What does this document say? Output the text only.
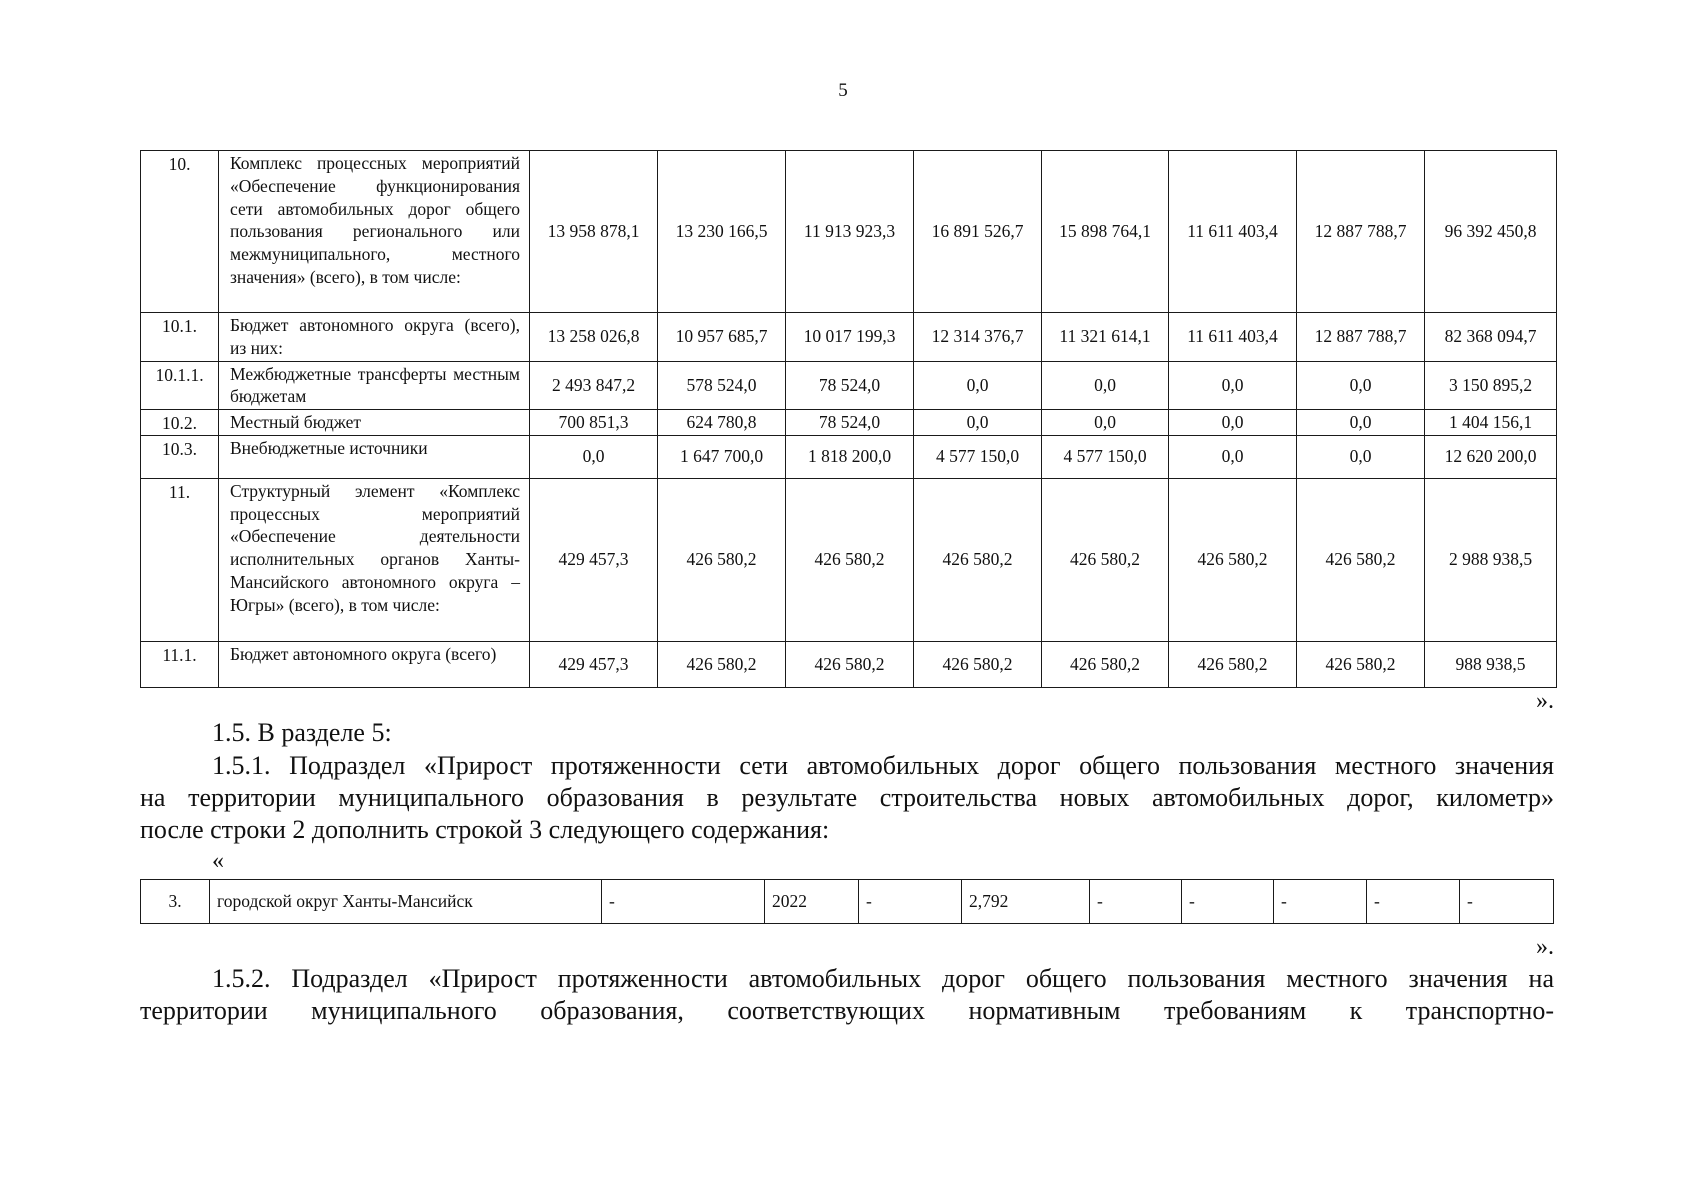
5
10.	Комплекс процессных мероприятий «Обеспечение функционирования сети автомобильных дорог общего пользования регионального или межмуниципального, местного значения» (всего), в том числе:	13 958 878,1	13 230 166,5	11 913 923,3	16 891 526,7	15 898 764,1	11 611 403,4	12 887 788,7	96 392 450,8
10.1.	Бюджет автономного округа (всего), из них:	13 258 026,8	10 957 685,7	10 017 199,3	12 314 376,7	11 321 614,1	11 611 403,4	12 887 788,7	82 368 094,7
10.1.1.	Межбюджетные трансферты местным бюджетам	2 493 847,2	578 524,0	78 524,0	0,0	0,0	0,0	0,0	3 150 895,2
10.2.	Местный бюджет	700 851,3	624 780,8	78 524,0	0,0	0,0	0,0	0,0	1 404 156,1
10.3.	Внебюджетные источники	0,0	1 647 700,0	1 818 200,0	4 577 150,0	4 577 150,0	0,0	0,0	12 620 200,0
11.	Структурный элемент «Комплекс процессных мероприятий «Обеспечение деятельности исполнительных органов Ханты-Мансийского автономного округа – Югры» (всего), в том числе:	429 457,3	426 580,2	426 580,2	426 580,2	426 580,2	426 580,2	426 580,2	2 988 938,5
11.1.	Бюджет автономного округа (всего)	429 457,3	426 580,2	426 580,2	426 580,2	426 580,2	426 580,2	426 580,2	988 938,5
».
1.5. В разделе 5:
1.5.1. Подраздел «Прирост протяженности сети автомобильных дорог общего пользования местного значения
на территории муниципального образования в результате строительства новых автомобильных дорог, километр»
после строки 2 дополнить строкой 3 следующего содержания:
«
3.	городской округ Ханты-Мансийск	-	2022	-	2,792	-	-	-	-	-
».
1.5.2. Подраздел «Прирост протяженности автомобильных дорог общего пользования местного значения на
территории муниципального образования, соответствующих нормативным требованиям к транспортно-
